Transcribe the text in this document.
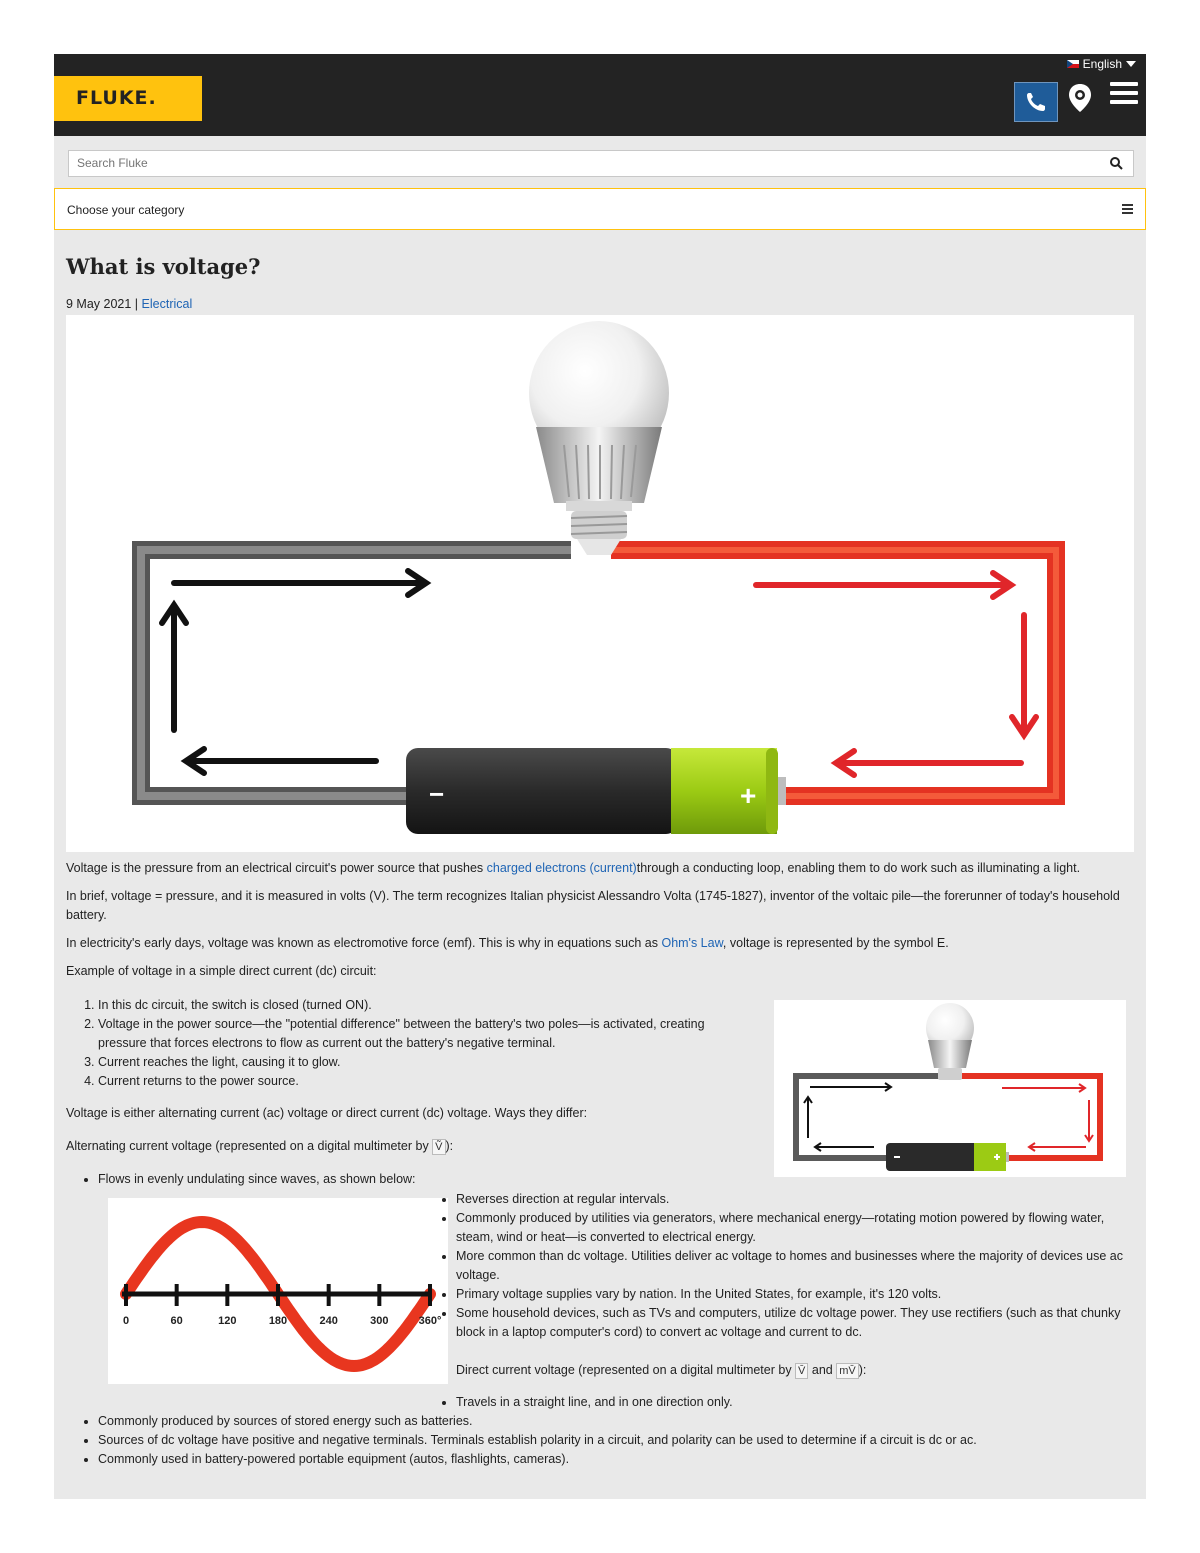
FLUKE.
English
Search Fluke
Choose your category
What is voltage?
9 May 2021 | Electrical
−	+
Voltage is the pressure from an electrical circuit's power source that pushes charged electrons (current)through a conducting loop, enabling them to do work such as illuminating a light.
In brief, voltage = pressure, and it is measured in volts (V). The term recognizes Italian physicist Alessandro Volta (1745-1827), inventor of the voltaic pile—the forerunner of today's household battery.
In electricity's early days, voltage was known as electromotive force (emf). This is why in equations such as Ohm's Law, voltage is represented by the symbol E.
Example of voltage in a simple direct current (dc) circuit:
1. In this dc circuit, the switch is closed (turned ON).
2. Voltage in the power source—the "potential difference" between the battery's two poles—is activated, creating pressure that forces electrons to flow as current out the battery's negative terminal.
3. Current reaches the light, causing it to glow.
4. Current returns to the power source.
Voltage is either alternating current (ac) voltage or direct current (dc) voltage. Ways they differ:
Alternating current voltage (represented on a digital multimeter by Ṽ ):
• Flows in evenly undulating since waves, as shown below:
0	60	120	180	240	300	360°
• Reverses direction at regular intervals.
• Commonly produced by utilities via generators, where mechanical energy—rotating motion powered by flowing water, steam, wind or heat—is converted to electrical energy.
• More common than dc voltage. Utilities deliver ac voltage to homes and businesses where the majority of devices use ac voltage.
• Primary voltage supplies vary by nation. In the United States, for example, it's 120 volts.
• Some household devices, such as TVs and computers, utilize dc voltage power. They use rectifiers (such as that chunky block in a laptop computer's cord) to convert ac voltage and current to dc.
Direct current voltage (represented on a digital multimeter by V̄ and mV̄ ):
• Travels in a straight line, and in one direction only.
• Commonly produced by sources of stored energy such as batteries.
• Sources of dc voltage have positive and negative terminals. Terminals establish polarity in a circuit, and polarity can be used to determine if a circuit is dc or ac.
• Commonly used in battery-powered portable equipment (autos, flashlights, cameras).
